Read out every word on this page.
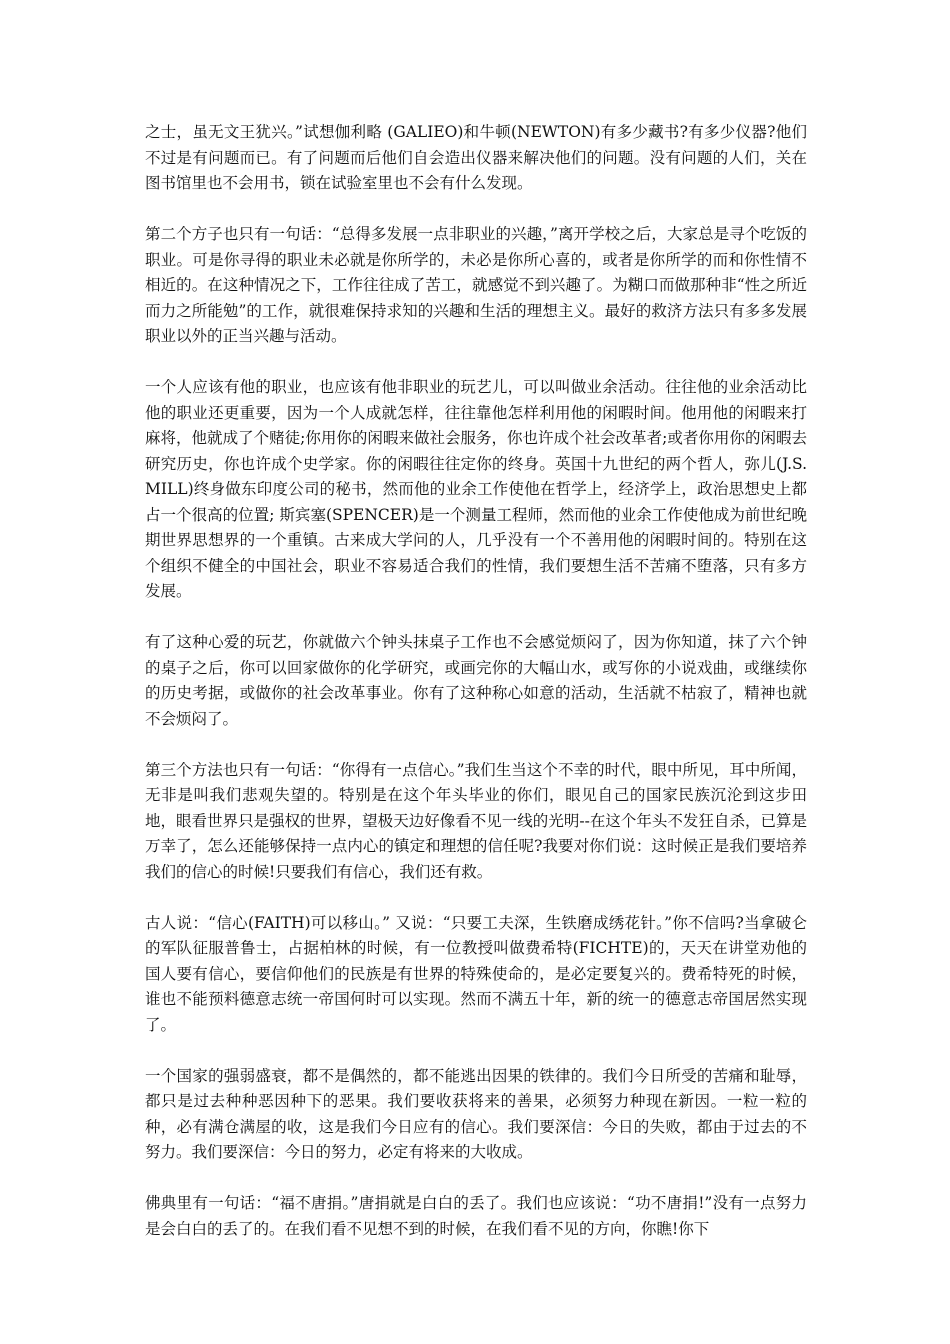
之士，虽无文王犹兴。”试想伽利略 (GALIEO)和牛顿(NEWTON)有多少藏书?有多少仪器?他们不过是有问题而已。有了问题而后他们自会造出仪器来解决他们的问题。没有问题的人们，关在图书馆里也不会用书，锁在试验室里也不会有什么发现。

第二个方子也只有一句话：“总得多发展一点非职业的兴趣，”离开学校之后，大家总是寻个吃饭的职业。可是你寻得的职业未必就是你所学的，未必是你所心喜的，或者是你所学的而和你性情不相近的。在这种情况之下，工作往往成了苦工，就感觉不到兴趣了。为糊口而做那种非“性之所近而力之所能勉”的工作，就很难保持求知的兴趣和生活的理想主义。最好的救济方法只有多多发展职业以外的正当兴趣与活动。

一个人应该有他的职业，也应该有他非职业的玩艺儿，可以叫做业余活动。往往他的业余活动比他的职业还更重要，因为一个人成就怎样，往往靠他怎样利用他的闲暇时间。他用他的闲暇来打麻将，他就成了个赌徒;你用你的闲暇来做社会服务，你也许成个社会改革者;或者你用你的闲暇去研究历史，你也许成个史学家。你的闲暇往往定你的终身。英国十九世纪的两个哲人，弥儿(J.S.MILL)终身做东印度公司的秘书，然而他的业余工作使他在哲学上，经济学上，政治思想史上都占一个很高的位置; 斯宾塞(SPENCER)是一个测量工程师，然而他的业余工作使他成为前世纪晚期世界思想界的一个重镇。古来成大学问的人，几乎没有一个不善用他的闲暇时间的。特别在这个组织不健全的中国社会，职业不容易适合我们的性情，我们要想生活不苦痛不堕落，只有多方发展。

有了这种心爱的玩艺，你就做六个钟头抹桌子工作也不会感觉烦闷了，因为你知道，抹了六个钟的桌子之后，你可以回家做你的化学研究，或画完你的大幅山水，或写你的小说戏曲，或继续你的历史考据，或做你的社会改革事业。你有了这种称心如意的活动，生活就不枯寂了，精神也就不会烦闷了。

第三个方法也只有一句话：“你得有一点信心。”我们生当这个不幸的时代，眼中所见，耳中所闻，无非是叫我们悲观失望的。特别是在这个年头毕业的你们，眼见自己的国家民族沉沦到这步田地，眼看世界只是强权的世界，望极天边好像看不见一线的光明--在这个年头不发狂自杀，已算是万幸了，怎么还能够保持一点内心的镇定和理想的信任呢?我要对你们说：这时候正是我们要培养我们的信心的时候!只要我们有信心，我们还有救。

古人说：“信心(FAITH)可以移山。” 又说：“只要工夫深，生铁磨成绣花针。”你不信吗?当拿破仑的军队征服普鲁士，占据柏林的时候，有一位教授叫做费希特(FICHTE)的，天天在讲堂劝他的国人要有信心，要信仰他们的民族是有世界的特殊使命的，是必定要复兴的。费希特死的时候，谁也不能预料德意志统一帝国何时可以实现。然而不满五十年，新的统一的德意志帝国居然实现了。

一个国家的强弱盛衰，都不是偶然的，都不能逃出因果的铁律的。我们今日所受的苦痛和耻辱，都只是过去种种恶因种下的恶果。我们要收获将来的善果，必须努力种现在新因。一粒一粒的种，必有满仓满屋的收，这是我们今日应有的信心。我们要深信：今日的失败，都由于过去的不努力。我们要深信：今日的努力，必定有将来的大收成。

佛典里有一句话：“福不唐捐。”唐捐就是白白的丢了。我们也应该说：“功不唐捐!”没有一点努力是会白白的丢了的。在我们看不见想不到的时候，在我们看不见的方向，你瞧!你下
